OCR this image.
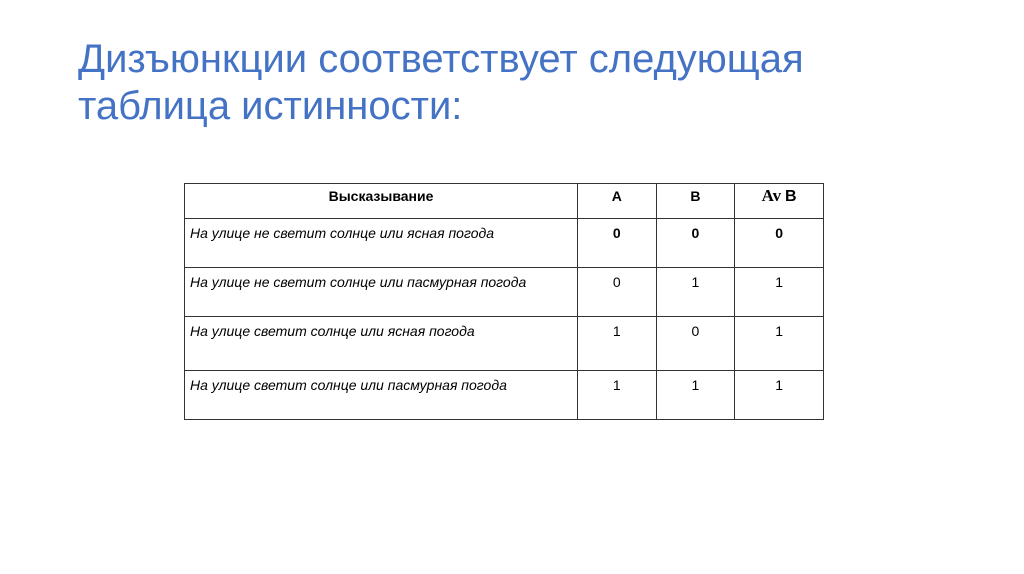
Дизъюнкции соответствует следующая
таблица истинности:
Высказывание	А	В	Av B
На улице не светит солнце или ясная погода	0	0	0
На улице не светит солнце или пасмурная погода	0	1	1
На улице светит солнце или ясная погода	1	0	1
На улице светит солнце или пасмурная погода	1	1	1
